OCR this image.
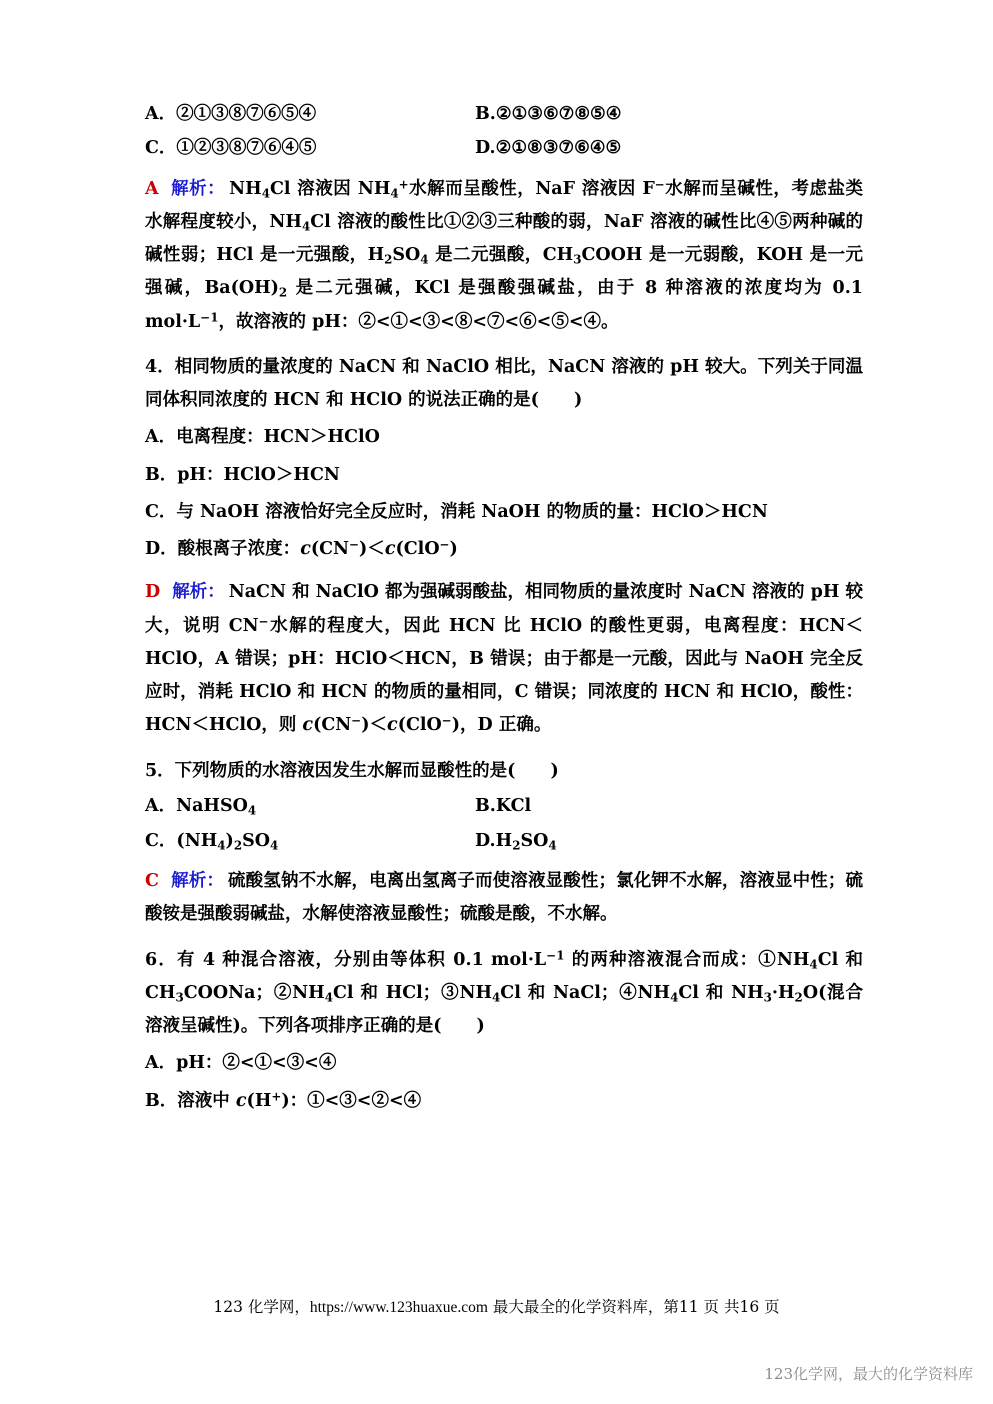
A．②①③⑧⑦⑥⑤④	B.②①③⑥⑦⑧⑤④
C．①②③⑧⑦⑥④⑤	D.②①⑧③⑦⑥④⑤

A 解析： $NH_4Cl$ 溶液因 $NH_4^+$水解而呈酸性，NaF 溶液因 F−水解而呈碱性，考虑盐类水解程度较小，$NH_4Cl$ 溶液的酸性比①②③三种酸的弱，NaF 溶液的碱性比④⑤两种碱的碱性弱；HCl 是一元强酸，$H_2SO_4$ 是二元强酸，$CH_3COOH$ 是一元弱酸，KOH 是一元强碱，$Ba(OH)_2$ 是二元强碱，KCl 是强酸强碱盐，由于 8 种溶液的浓度均为 0.1 $mol\cdot L^{-1}$，故溶液的 pH：②<①<③<⑧<⑦<⑥<⑤<④。

4．相同物质的量浓度的 NaCN 和 NaClO 相比，NaCN 溶液的 pH 较大。下列关于同温同体积同浓度的 HCN 和 HClO 的说法正确的是(　　)

A．电离程度：HCN＞HClO

B．pH：HClO＞HCN

C．与 NaOH 溶液恰好完全反应时，消耗 NaOH 的物质的量：HClO＞HCN

D．酸根离子浓度：c(CN−)＜c(ClO−)

D 解析： NaCN 和 NaClO 都为强碱弱酸盐，相同物质的量浓度时 NaCN 溶液的 pH 较大，说明 CN−水解的程度大，因此 HCN 比 HClO 的酸性更弱，电离程度：HCN＜HClO，A 错误；pH：HClO＜HCN，B 错误；由于都是一元酸，因此与 NaOH 完全反应时，消耗 HClO 和 HCN 的物质的量相同，C 错误；同浓度的 HCN 和 HClO，酸性：HCN＜HClO，则 c(CN−)＜c(ClO−)，D 正确。

5．下列物质的水溶液因发生水解而显酸性的是(　　)

A．NaHSO$_4$	B.KCl
C．$(NH_4)_2SO_4$	$D.H_2SO_4$

C 解析： 硫酸氢钠不水解，电离出氢离子而使溶液显酸性；氯化钾不水解，溶液显中性；硫酸铵是强酸弱碱盐，水解使溶液显酸性；硫酸是酸，不水解。

6．有 4 种混合溶液，分别由等体积 0.1 $mol\cdot L^{-1}$ 的两种溶液混合而成：$①NH_4Cl$ 和 $CH_3COONa$；$②NH_4Cl$ 和 HCl；$③NH_4Cl$ 和 NaCl；$④NH_4Cl$ 和 $NH_3\cdot H_2O$(混合溶液呈碱性)。下列各项排序正确的是(　　)

A．pH：②<①<③<④

B．溶液中 c(H+)：①<③<②<④

123 化学网，https://www.123huaxue.com 最大最全的化学资料库，第11 页 共16 页
123化学网，最大的化学资料库
